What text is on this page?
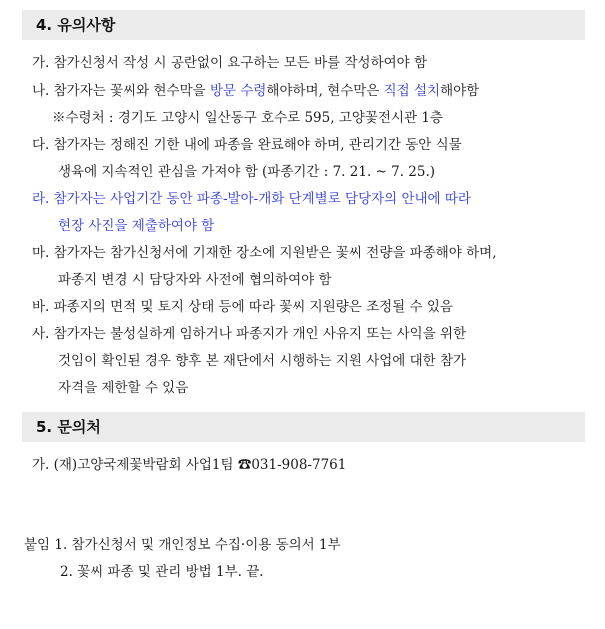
4. 유의사항
가. 참가신청서 작성 시 공란없이 요구하는 모든 바를 작성하여야 함
나. 참가자는 꽃씨와 현수막을 방문 수령해야하며, 현수막은 직접 설치해야함
※수령처 : 경기도 고양시 일산동구 호수로 595, 고양꽃전시관 1층
다. 참가자는 정해진 기한 내에 파종을 완료해야 하며, 관리기간 동안 식물
생육에 지속적인 관심을 가져야 함 (파종기간 : 7. 21. ~ 7. 25.)
라. 참가자는 사업기간 동안 파종-발아-개화 단계별로 담당자의 안내에 따라
현장 사진을 제출하여야 함
마. 참가자는 참가신청서에 기재한 장소에 지원받은 꽃씨 전량을 파종해야 하며,
파종지 변경 시 담당자와 사전에 협의하여야 함
바. 파종지의 면적 및 토지 상태 등에 따라 꽃씨 지원량은 조정될 수 있음
사. 참가자는 불성실하게 임하거나 파종지가 개인 사유지 또는 사익을 위한
것임이 확인된 경우 향후 본 재단에서 시행하는 지원 사업에 대한 참가
자격을 제한할 수 있음
5. 문의처
가. (재)고양국제꽃박람회 사업1팀 ☎031-908-7761
붙임 1. 참가신청서 및 개인정보 수집·이용 동의서 1부
2. 꽃씨 파종 및 관리 방법 1부. 끝.
